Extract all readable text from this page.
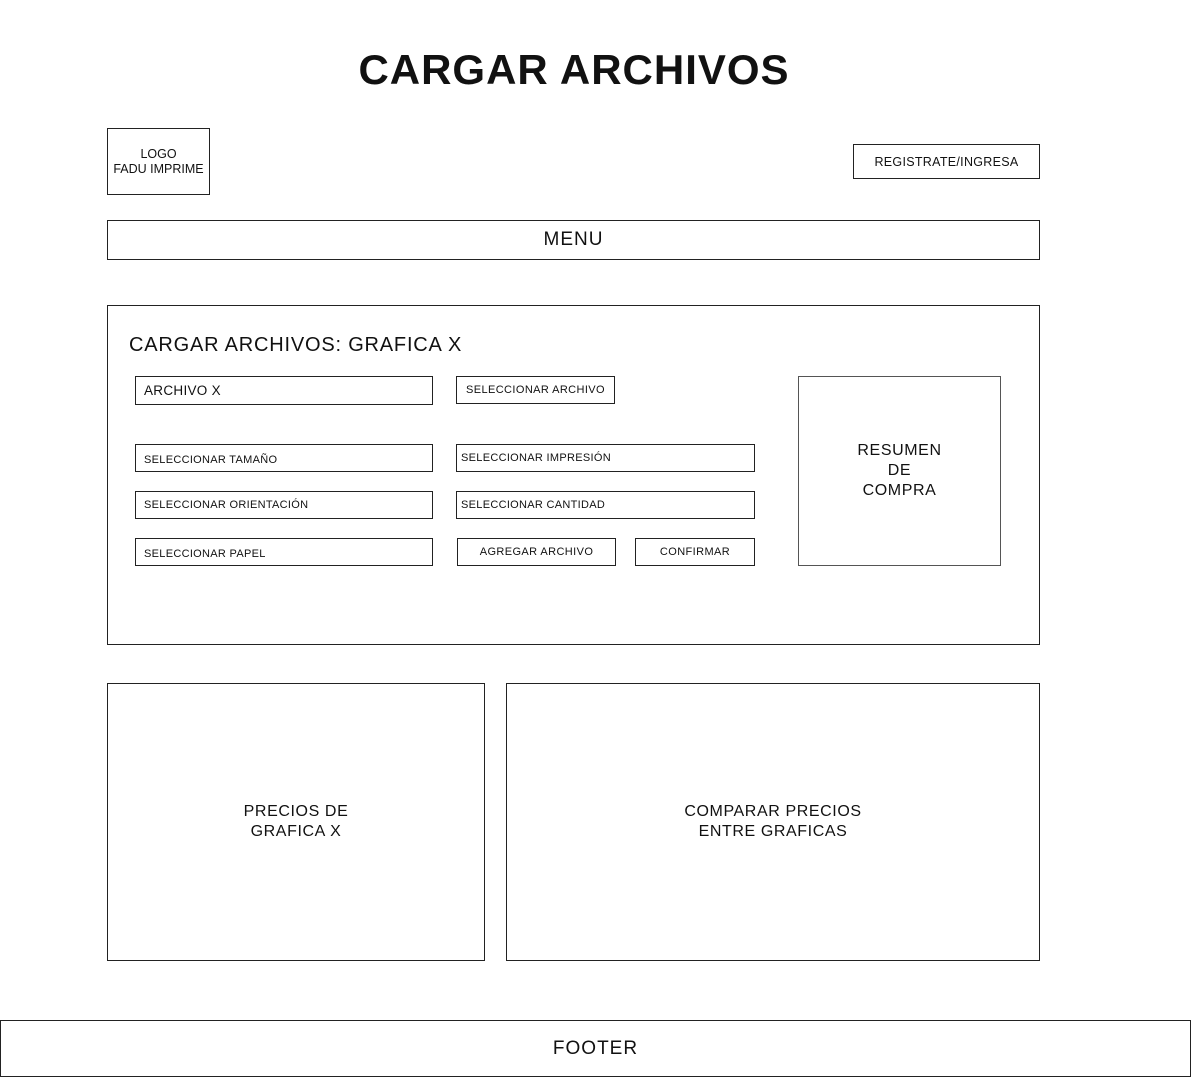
CARGAR ARCHIVOS
LOGO
FADU IMPRIME	REGISTRATE/INGRESA
MENU
CARGAR ARCHIVOS: GRAFICA X
ARCHIVO X	SELECCIONAR ARCHIVO
SELECCIONAR TAMAÑO	SELECCIONAR IMPRESIÓN
SELECCIONAR ORIENTACIÓN	SELECCIONAR CANTIDAD
SELECCIONAR PAPEL	AGREGAR ARCHIVO	CONFIRMAR
RESUMEN
DE
COMPRA
PRECIOS DE
GRAFICA X
COMPARAR PRECIOS
ENTRE GRAFICAS
FOOTER
